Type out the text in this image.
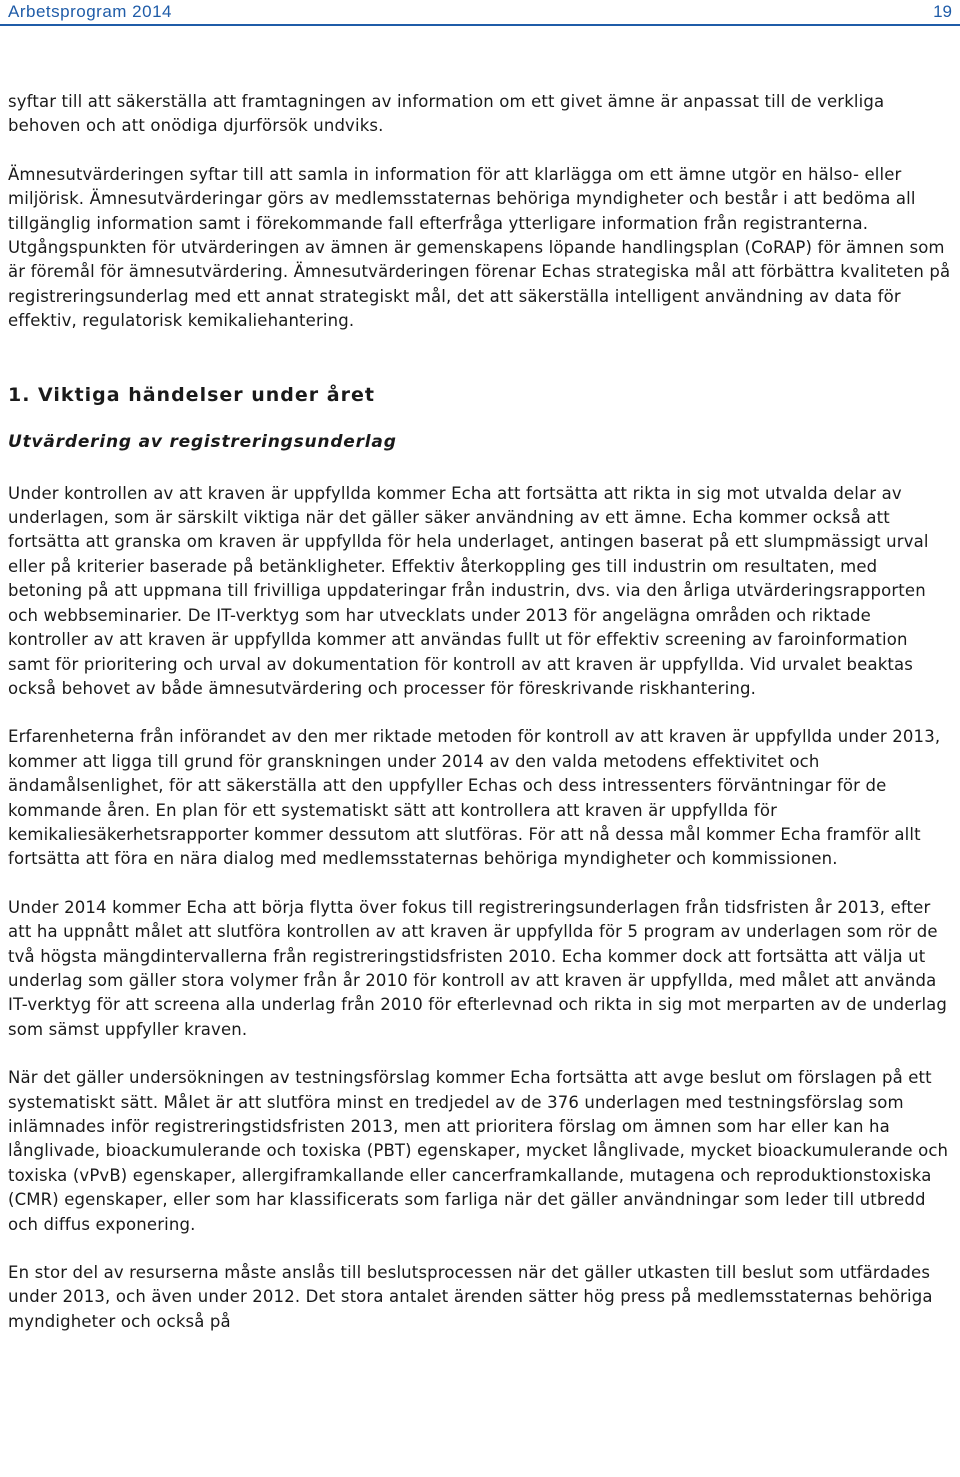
Arbetsprogram 2014	19

syftar till att säkerställa att framtagningen av information om ett givet ämne är anpassat till de verkliga behoven och att onödiga djurförsök undviks.

Ämnesutvärderingen syftar till att samla in information för att klarlägga om ett ämne utgör en hälso- eller miljörisk. Ämnesutvärderingar görs av medlemsstaternas behöriga myndigheter och består i att bedöma all tillgänglig information samt i förekommande fall efterfråga ytterligare information från registranterna. Utgångspunkten för utvärderingen av ämnen är gemenskapens löpande handlingsplan (CoRAP) för ämnen som är föremål för ämnesutvärdering. Ämnesutvärderingen förenar Echas strategiska mål att förbättra kvaliteten på registreringsunderlag med ett annat strategiskt mål, det att säkerställa intelligent användning av data för effektiv, regulatorisk kemikaliehantering.

1. Viktiga händelser under året
Utvärdering av registreringsunderlag

Under kontrollen av att kraven är uppfyllda kommer Echa att fortsätta att rikta in sig mot utvalda delar av underlagen, som är särskilt viktiga när det gäller säker användning av ett ämne. Echa kommer också att fortsätta att granska om kraven är uppfyllda för hela underlaget, antingen baserat på ett slumpmässigt urval eller på kriterier baserade på betänkligheter. Effektiv återkoppling ges till industrin om resultaten, med betoning på att uppmana till frivilliga uppdateringar från industrin, dvs. via den årliga utvärderingsrapporten och webbseminarier. De IT-verktyg som har utvecklats under 2013 för angelägna områden och riktade kontroller av att kraven är uppfyllda kommer att användas fullt ut för effektiv screening av faroinformation samt för prioritering och urval av dokumentation för kontroll av att kraven är uppfyllda. Vid urvalet beaktas också behovet av både ämnesutvärdering och processer för föreskrivande riskhantering.

Erfarenheterna från införandet av den mer riktade metoden för kontroll av att kraven är uppfyllda under 2013, kommer att ligga till grund för granskningen under 2014 av den valda metodens effektivitet och ändamålsenlighet, för att säkerställa att den uppfyller Echas och dess intressenters förväntningar för de kommande åren. En plan för ett systematiskt sätt att kontrollera att kraven är uppfyllda för kemikaliesäkerhetsrapporter kommer dessutom att slutföras. För att nå dessa mål kommer Echa framför allt fortsätta att föra en nära dialog med medlemsstaternas behöriga myndigheter och kommissionen.

Under 2014 kommer Echa att börja flytta över fokus till registreringsunderlagen från tidsfristen år 2013, efter att ha uppnått målet att slutföra kontrollen av att kraven är uppfyllda för 5 program av underlagen som rör de två högsta mängdintervallerna från registreringstidsfristen 2010. Echa kommer dock att fortsätta att välja ut underlag som gäller stora volymer från år 2010 för kontroll av att kraven är uppfyllda, med målet att använda IT-verktyg för att screena alla underlag från 2010 för efterlevnad och rikta in sig mot merparten av de underlag som sämst uppfyller kraven.

När det gäller undersökningen av testningsförslag kommer Echa fortsätta att avge beslut om förslagen på ett systematiskt sätt. Målet är att slutföra minst en tredjedel av de 376 underlagen med testningsförslag som inlämnades inför registreringstidsfristen 2013, men att prioritera förslag om ämnen som har eller kan ha långlivade, bioackumulerande och toxiska (PBT) egenskaper, mycket långlivade, mycket bioackumulerande och toxiska (vPvB) egenskaper, allergiframkallande eller cancerframkallande, mutagena och reproduktionstoxiska (CMR) egenskaper, eller som har klassificerats som farliga när det gäller användningar som leder till utbredd och diffus exponering.

En stor del av resurserna måste anslås till beslutsprocessen när det gäller utkasten till beslut som utfärdades under 2013, och även under 2012. Det stora antalet ärenden sätter hög press på medlemsstaternas behöriga myndigheter och också på
